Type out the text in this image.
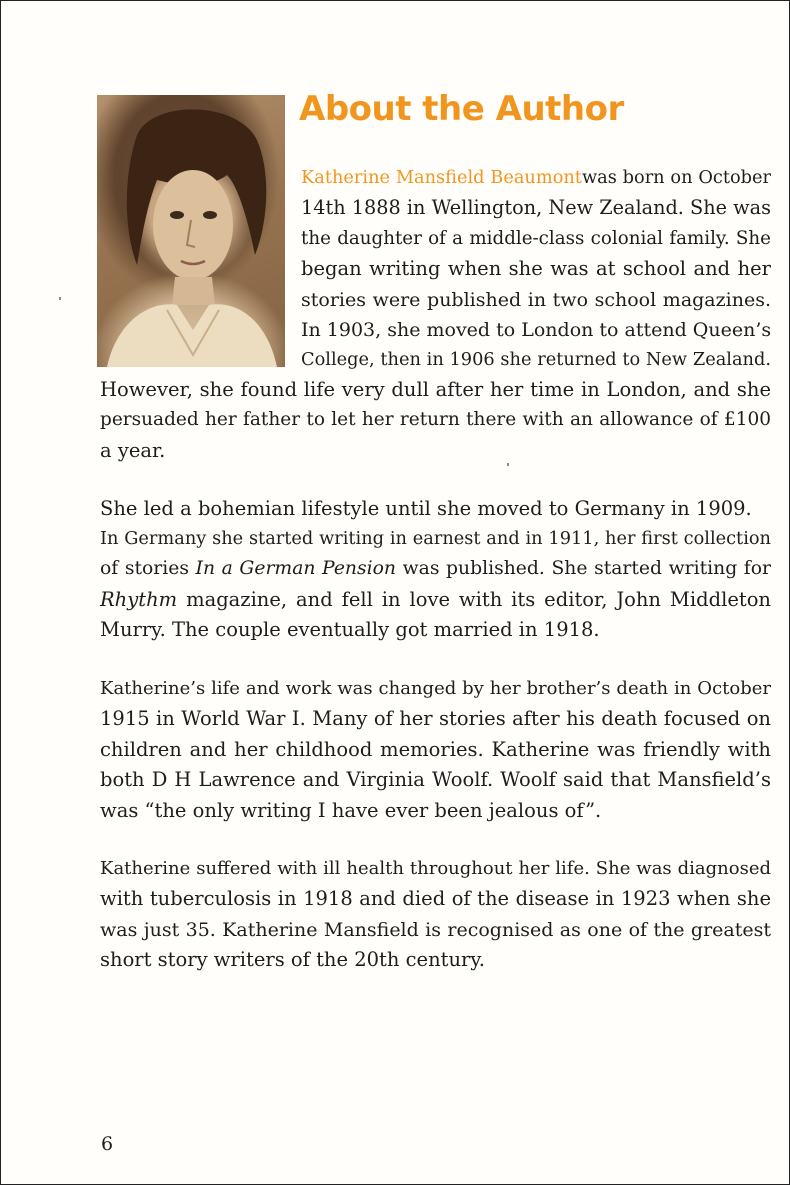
About the Author
Katherine Mansfield Beaumontwas born on October
14th 1888 in Wellington, New Zealand. She was
the daughter of a middle-class colonial family. She
began writing when she was at school and her
stories were published in two school magazines.
In 1903, she moved to London to attend Queen’s
College, then in 1906 she returned to New Zealand.
However, she found life very dull after her time in London, and she
persuaded her father to let her return there with an allowance of £100
a year.
She led a bohemian lifestyle until she moved to Germany in 1909.
In Germany she started writing in earnest and in 1911, her first collection
of stories In a German Pension was published. She started writing for
Rhythm magazine, and fell in love with its editor, John Middleton
Murry. The couple eventually got married in 1918.
Katherine’s life and work was changed by her brother’s death in October
1915 in World War I. Many of her stories after his death focused on
children and her childhood memories. Katherine was friendly with
both D H Lawrence and Virginia Woolf. Woolf said that Mansfield’s
was “the only writing I have ever been jealous of”.
Katherine suffered with ill health throughout her life. She was diagnosed
with tuberculosis in 1918 and died of the disease in 1923 when she
was just 35. Katherine Mansfield is recognised as one of the greatest
short story writers of the 20th century.

6
